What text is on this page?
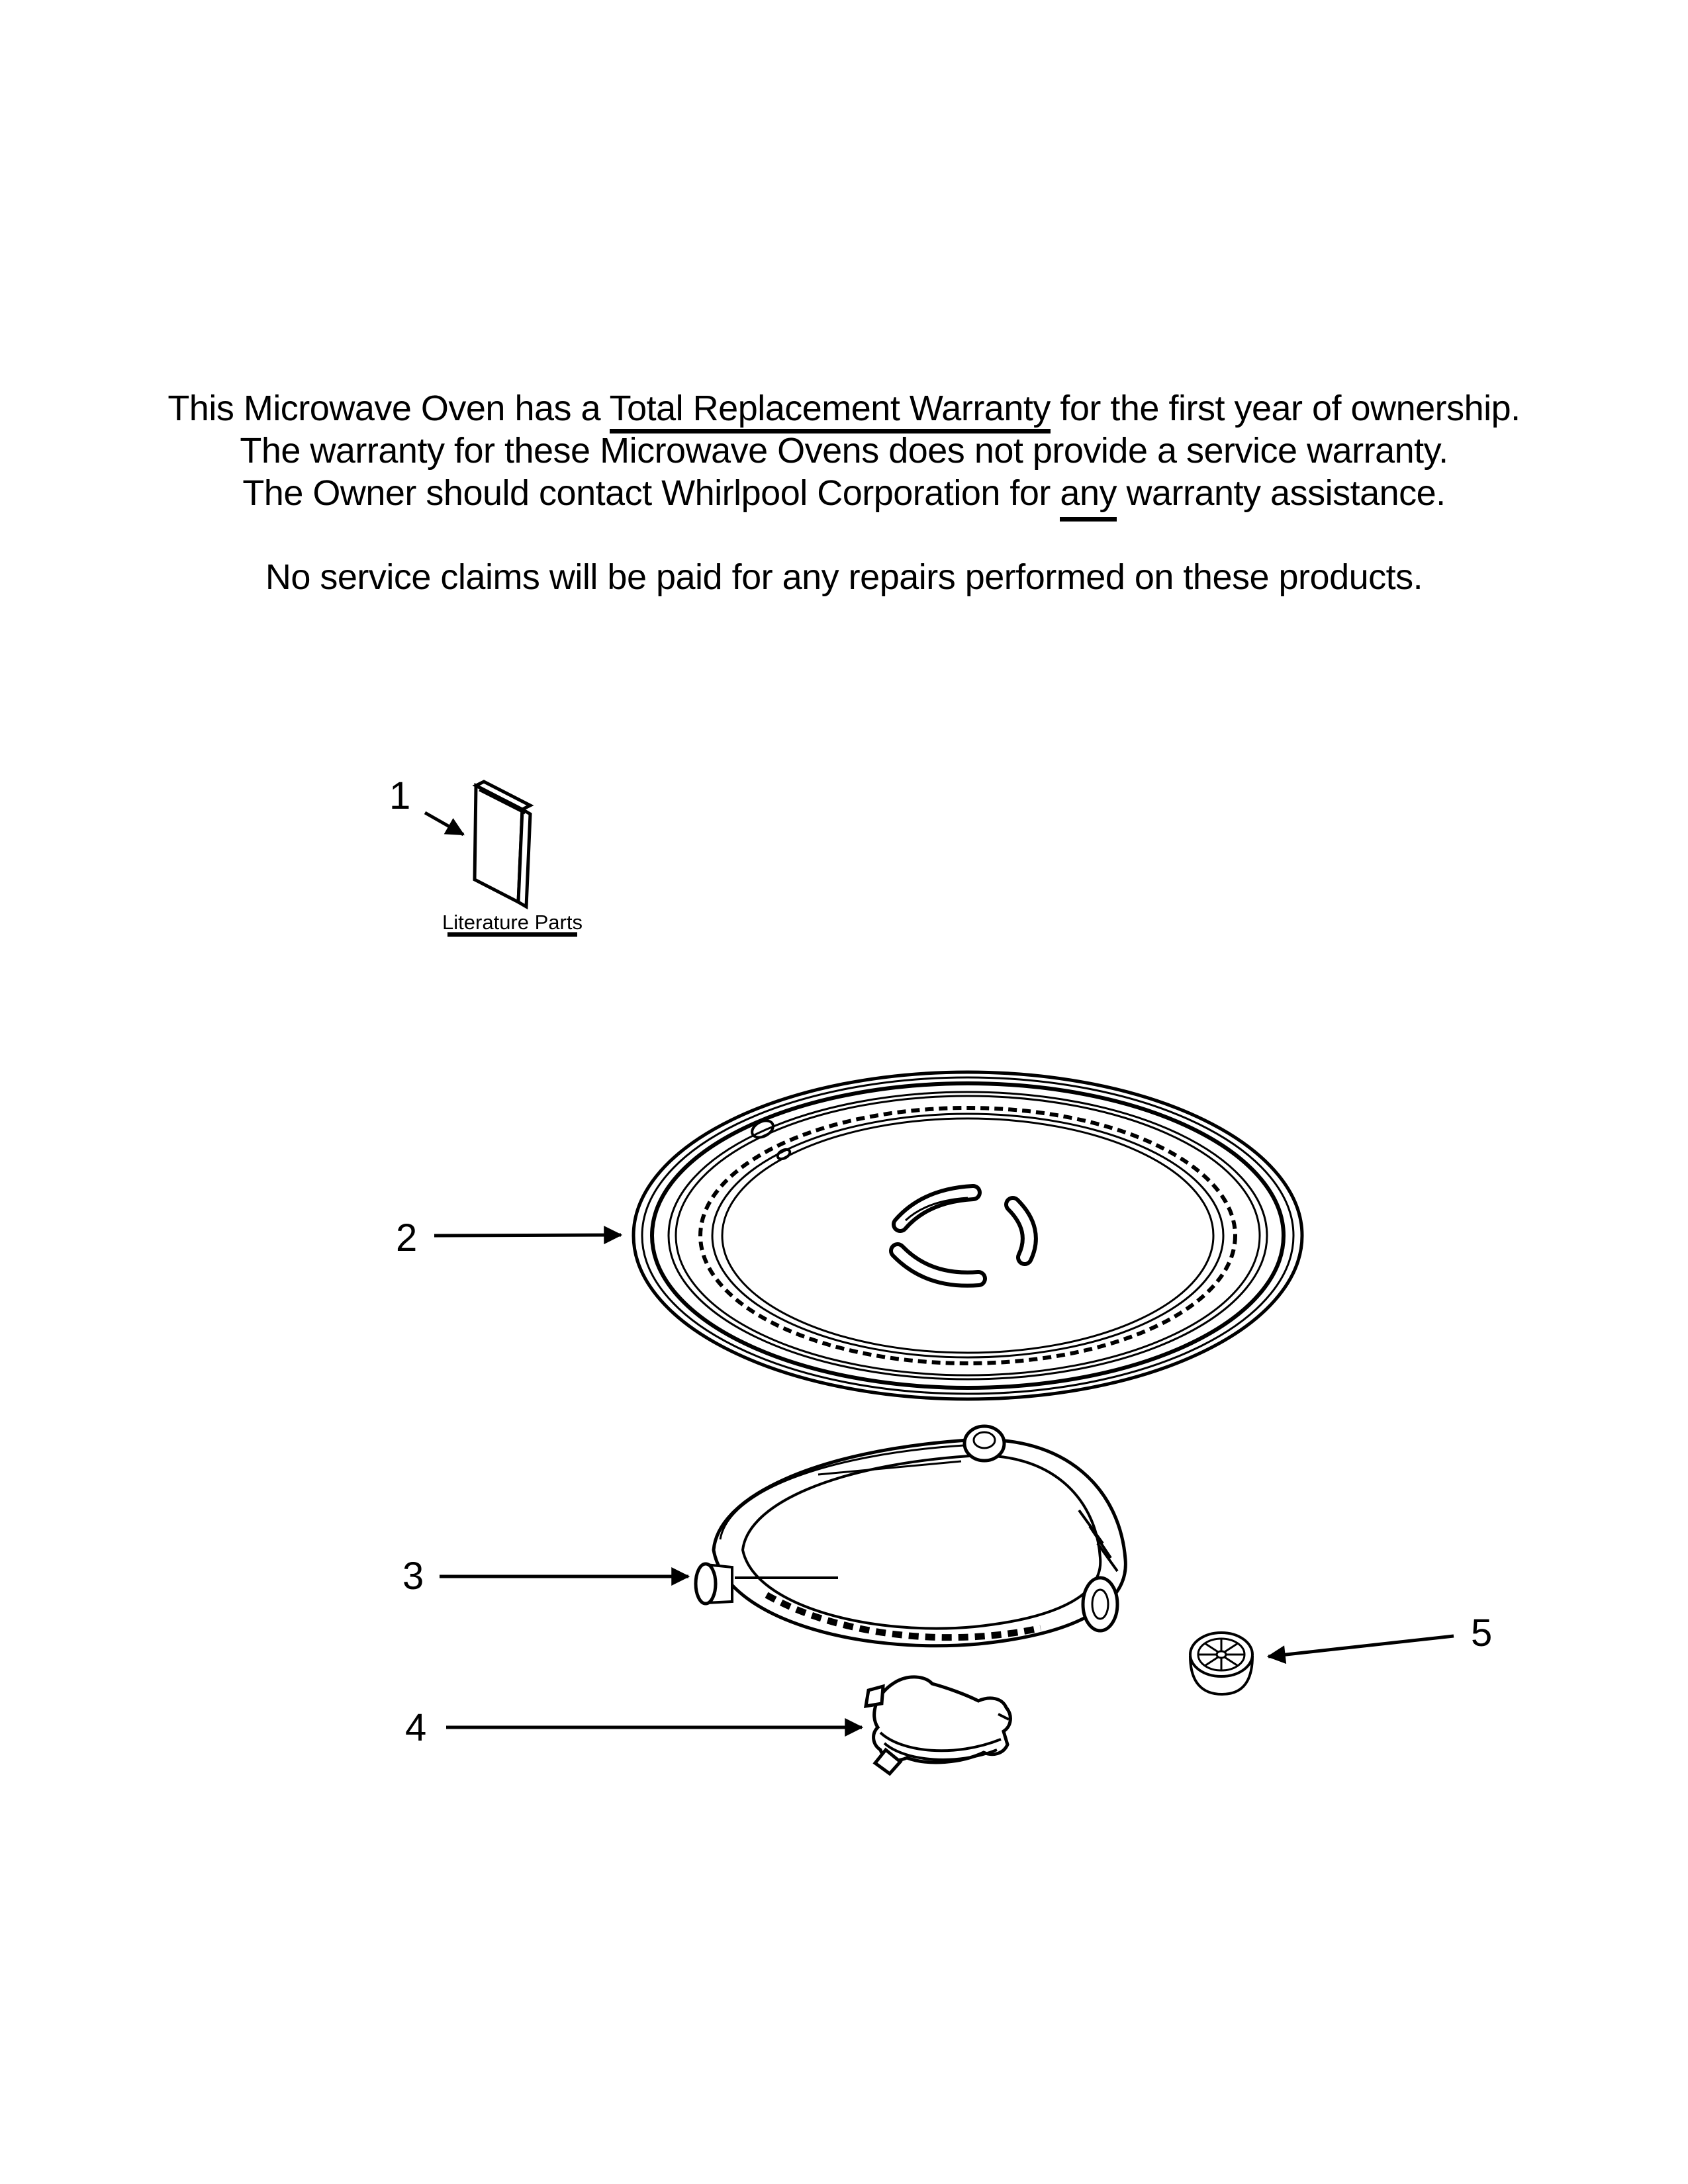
This Microwave Oven has a Total Replacement Warranty for the first year of ownership.
The warranty for these Microwave Ovens does not provide a service warranty.
The Owner should contact Whirlpool Corporation for any warranty assistance.
No service claims will be paid for any repairs performed on these products.
Literature Parts
1
2
3
4
5
